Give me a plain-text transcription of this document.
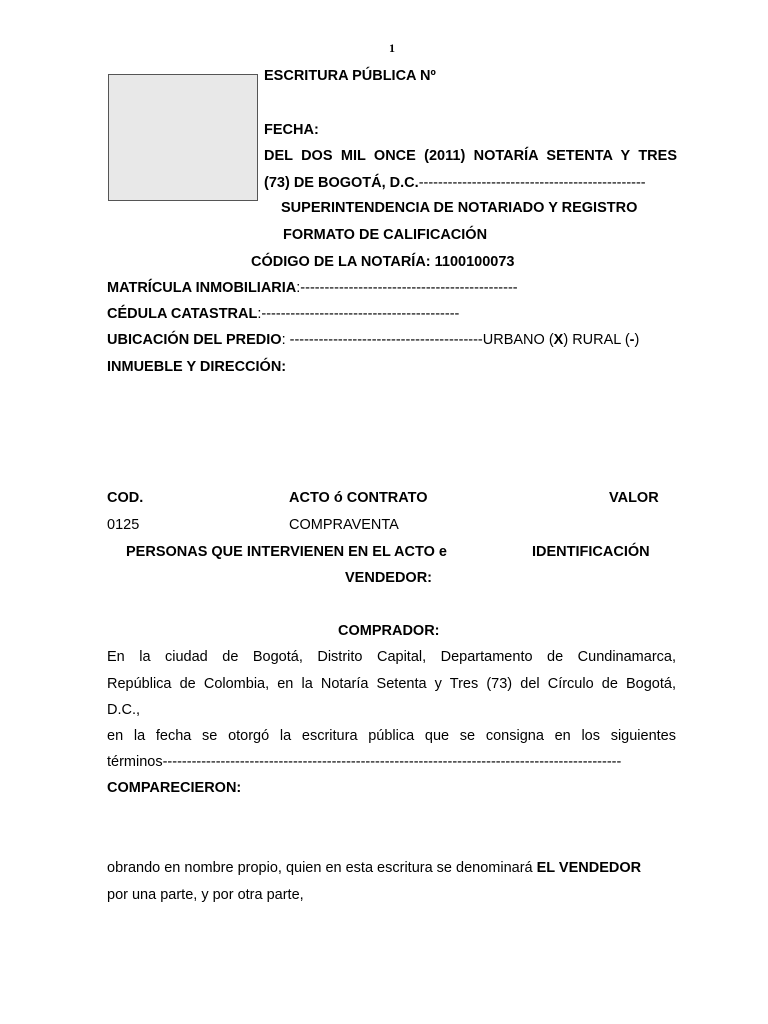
1
ESCRITURA PÚBLICA Nº
FECHA:
DEL DOS MIL ONCE (2011) NOTARÍA SETENTA Y TRES
(73) DE BOGOTÁ, D.C.-----------------------------------------------
SUPERINTENDENCIA DE NOTARIADO Y REGISTRO
FORMATO DE CALIFICACIÓN
CÓDIGO DE LA NOTARÍA: 1100100073
MATRÍCULA INMOBILIARIA:---------------------------------------------
CÉDULA CATASTRAL:-----------------------------------------
UBICACIÓN DEL PREDIO: ----------------------------------------URBANO (X) RURAL (-)
INMUEBLE Y DIRECCIÓN:
COD.	ACTO ó CONTRATO	VALOR
0125	COMPRAVENTA
PERSONAS QUE INTERVIENEN EN EL ACTO e	IDENTIFICACIÓN
VENDEDOR:
COMPRADOR:
En la ciudad de Bogotá, Distrito Capital, Departamento de Cundinamarca,
República de Colombia, en la Notaría Setenta y Tres (73) del Círculo de Bogotá,
D.C.,
en la fecha se otorgó la escritura pública que se consigna en los siguientes
términos-----------------------------------------------------------------------------------------------
COMPARECIERON:
obrando en nombre propio, quien en esta escritura se denominará EL VENDEDOR
por una parte, y por otra parte,
